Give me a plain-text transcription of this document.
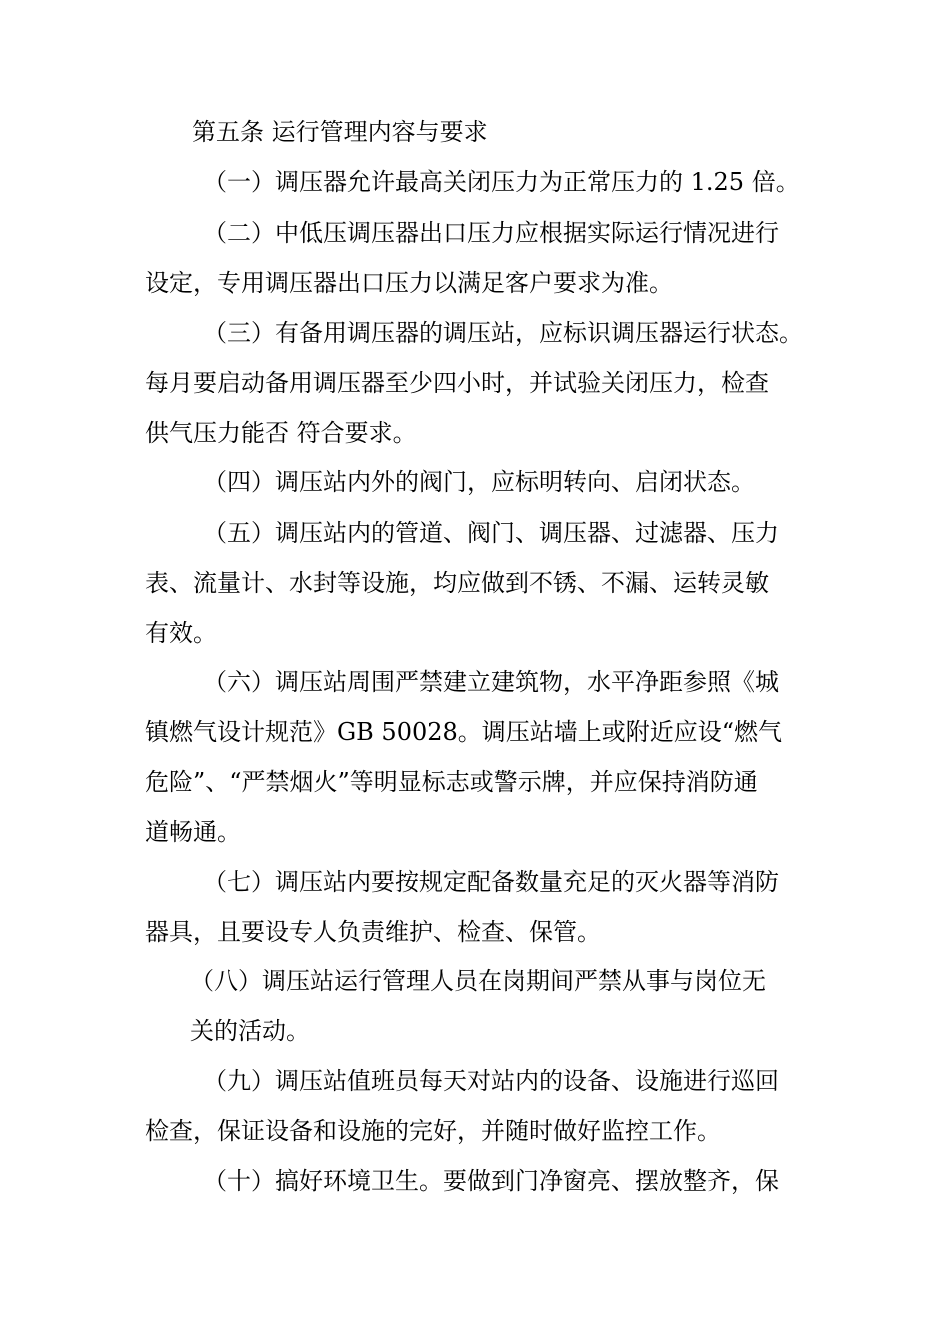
第五条 运行管理内容与要求
（一）调压器允许最高关闭压力为正常压力的 1.25 倍。
（二）中低压调压器出口压力应根据实际运行情况进行
设定，专用调压器出口压力以满足客户要求为准。
（三）有备用调压器的调压站，应标识调压器运行状态。
每月要启动备用调压器至少四小时，并试验关闭压力，检查
供气压力能否 符合要求。
（四）调压站内外的阀门，应标明转向、启闭状态。
（五）调压站内的管道、阀门、调压器、过滤器、压力
表、流量计、水封等设施，均应做到不锈、不漏、运转灵敏
有效。
（六）调压站周围严禁建立建筑物，水平净距参照《城
镇燃气设计规范》GB 50028。调压站墙上或附近应设“燃气
危险”、“严禁烟火”等明显标志或警示牌，并应保持消防通
道畅通。
（七）调压站内要按规定配备数量充足的灭火器等消防
器具，且要设专人负责维护、检查、保管。
（八）调压站运行管理人员在岗期间严禁从事与岗位无
关的活动。
（九）调压站值班员每天对站内的设备、设施进行巡回
检查，保证设备和设施的完好，并随时做好监控工作。
（十）搞好环境卫生。要做到门净窗亮、摆放整齐，保
